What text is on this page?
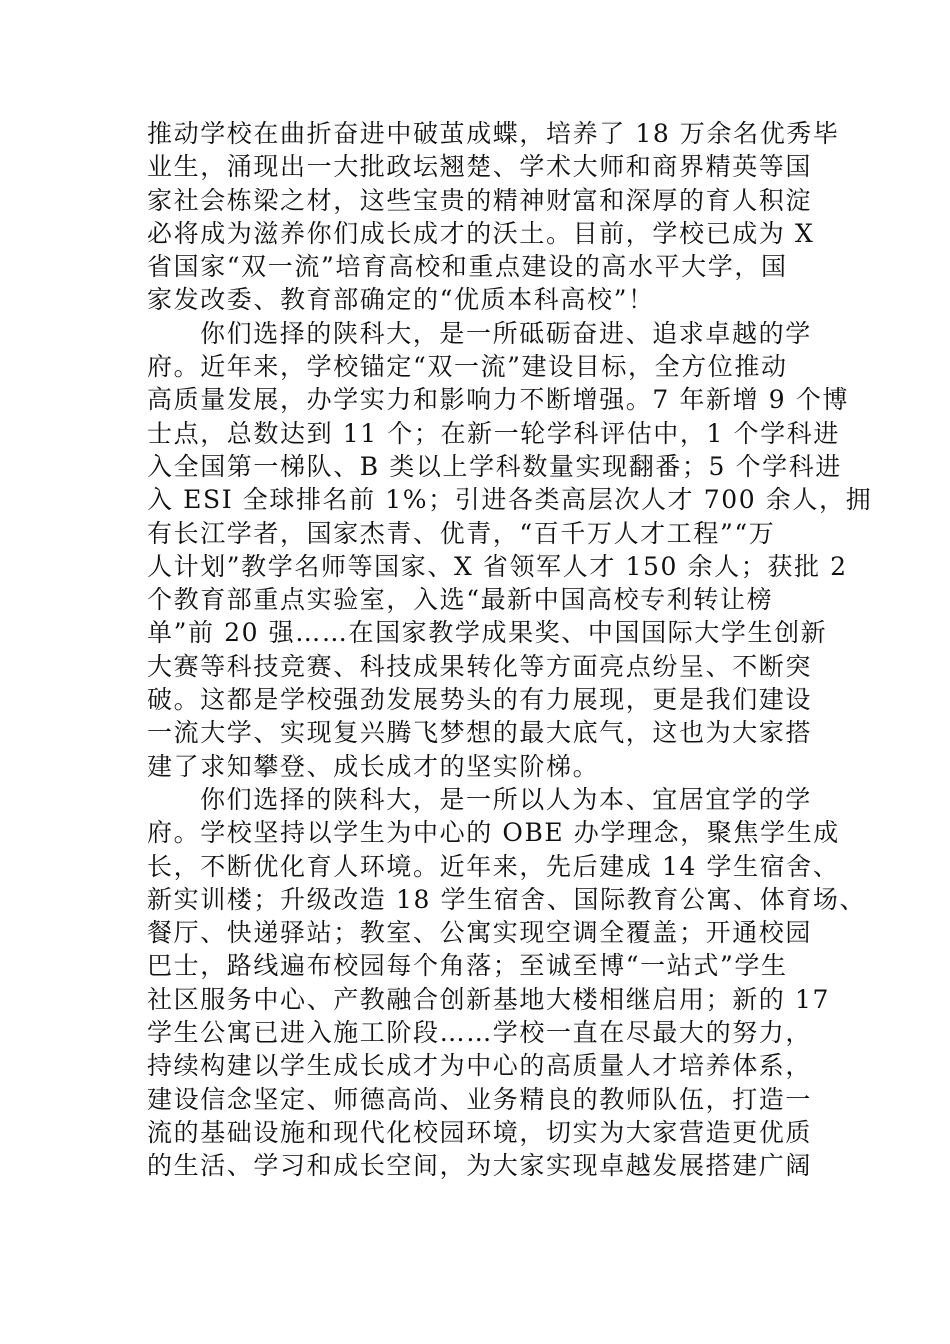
推动学校在曲折奋进中破茧成蝶，培养了 18 万余名优秀毕
业生，涌现出一大批政坛翘楚、学术大师和商界精英等国
家社会栋梁之材，这些宝贵的精神财富和深厚的育人积淀
必将成为滋养你们成长成才的沃土。目前，学校已成为 X
省国家“双一流”培育高校和重点建设的高水平大学，国
家发改委、教育部确定的“优质本科高校”！
你们选择的陕科大，是一所砥砺奋进、追求卓越的学
府。近年来，学校锚定“双一流”建设目标，全方位推动
高质量发展，办学实力和影响力不断增强。7 年新增 9 个博
士点，总数达到 11 个；在新一轮学科评估中，1 个学科进
入全国第一梯队、B 类以上学科数量实现翻番；5 个学科进
入 ESI 全球排名前 1%；引进各类高层次人才 700 余人，拥
有长江学者，国家杰青、优青，“百千万人才工程”“万
人计划”教学名师等国家、X 省领军人才 150 余人；获批 2
个教育部重点实验室，入选“最新中国高校专利转让榜
单”前 20 强……在国家教学成果奖、中国国际大学生创新
大赛等科技竞赛、科技成果转化等方面亮点纷呈、不断突
破。这都是学校强劲发展势头的有力展现，更是我们建设
一流大学、实现复兴腾飞梦想的最大底气，这也为大家搭
建了求知攀登、成长成才的坚实阶梯。
你们选择的陕科大，是一所以人为本、宜居宜学的学
府。学校坚持以学生为中心的 OBE 办学理念，聚焦学生成
长，不断优化育人环境。近年来，先后建成 14 学生宿舍、
新实训楼；升级改造 18 学生宿舍、国际教育公寓、体育场、
餐厅、快递驿站；教室、公寓实现空调全覆盖；开通校园
巴士，路线遍布校园每个角落；至诚至博“一站式”学生
社区服务中心、产教融合创新基地大楼相继启用；新的 17
学生公寓已进入施工阶段……学校一直在尽最大的努力，
持续构建以学生成长成才为中心的高质量人才培养体系，
建设信念坚定、师德高尚、业务精良的教师队伍，打造一
流的基础设施和现代化校园环境，切实为大家营造更优质
的生活、学习和成长空间，为大家实现卓越发展搭建广阔
